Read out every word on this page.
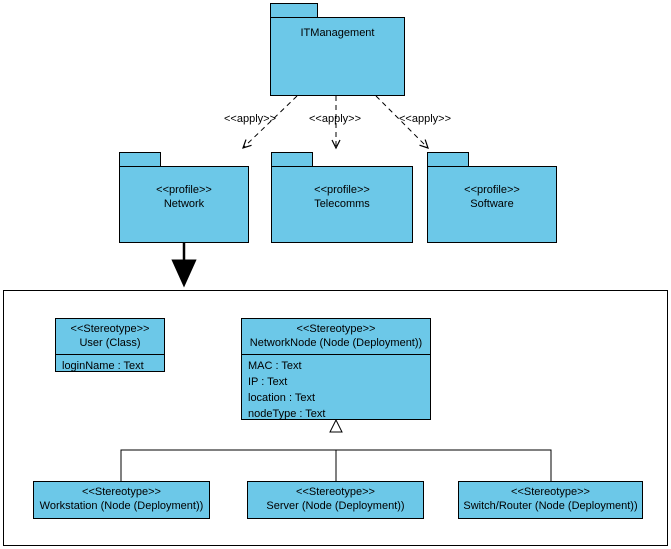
ITManagement
<<apply>>	<<apply>>	<<apply>>
<<profile>>
Network
<<profile>>
Telecomms
<<profile>>
Software
<<Stereotype>>
User (Class)
loginName : Text
<<Stereotype>>
NetworkNode (Node (Deployment))
MAC : Text
IP : Text
location : Text
nodeType : Text
<<Stereotype>>
Workstation (Node (Deployment))
<<Stereotype>>
Server (Node (Deployment))
<<Stereotype>>
Switch/Router (Node (Deployment))
